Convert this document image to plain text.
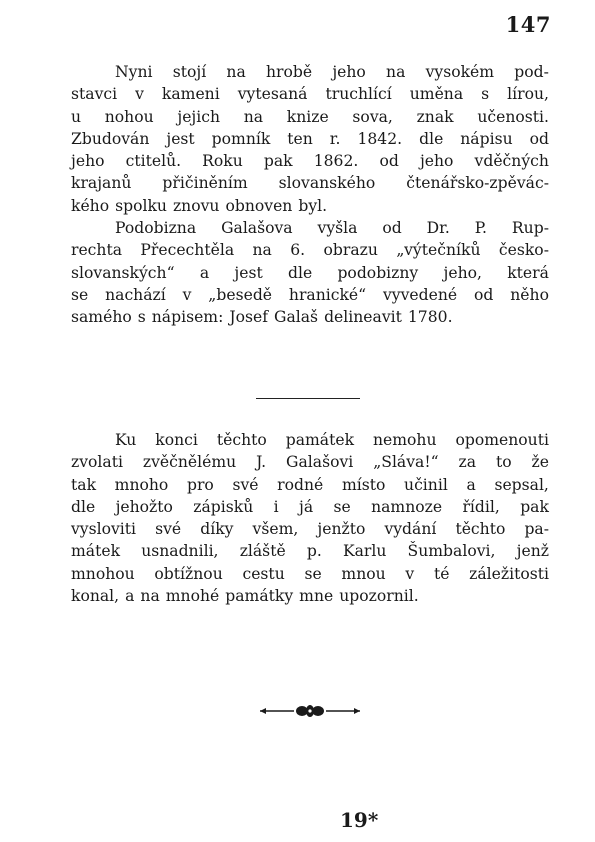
147
Nyni stojí na hrobě jeho na vysokém pod-
stavci v kameni vytesaná truchlící uměna s lírou,
u nohou jejich na knize sova, znak učenosti.
Zbudován jest pomník ten r. 1842. dle nápisu od
jeho ctitelů. Roku pak 1862. od jeho vděčných
krajanů přičiněním slovanského čtenářsko-zpěvác-
kého spolku znovu obnoven byl.
Podobizna Galašova vyšla od Dr. P. Rup-
rechta Přecechtěla na 6. obrazu „výtečníků česko-
slovanských“ a jest dle podobizny jeho, která
se nachází v „besedě hranické“ vyvedené od něho
samého s nápisem: Josef Galaš delineavit 1780.
Ku konci těchto památek nemohu opomenouti
zvolati zvěčnělému J. Galašovi „Sláva!“ za to že
tak mnoho pro své rodné místo učinil a sepsal,
dle jehožto zápisků i já se namnoze řídil, pak
vysloviti své díky všem, jenžto vydání těchto pa-
mátek usnadnili, zláště p. Karlu Šumbalovi, jenž
mnohou obtížnou cestu se mnou v té záležitosti
konal, a na mnohé památky mne upozornil.
19*
